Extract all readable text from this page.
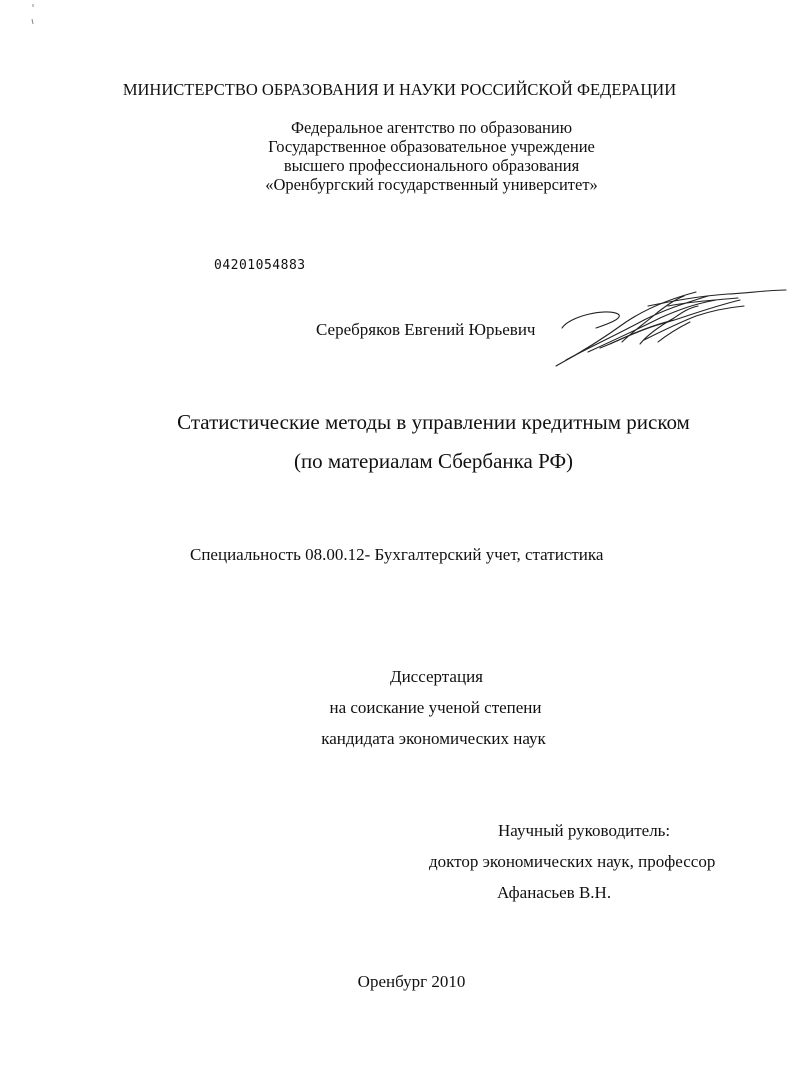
МИНИСТЕРСТВО ОБРАЗОВАНИЯ И НАУКИ РОССИЙСКОЙ ФЕДЕРАЦИИ
Федеральное агентство по образованию
Государственное образовательное учреждение
высшего профессионального образования
«Оренбургский государственный университет»
04201054883
Серебряков Евгений Юрьевич
Статистические методы в управлении кредитным риском
(по материалам Сбербанка РФ)
Специальность 08.00.12- Бухгалтерский учет, статистика
Диссертация
на соискание ученой степени
кандидата экономических наук
Научный руководитель:
доктор экономических наук, профессор
Афанасьев В.Н.
Оренбург 2010
